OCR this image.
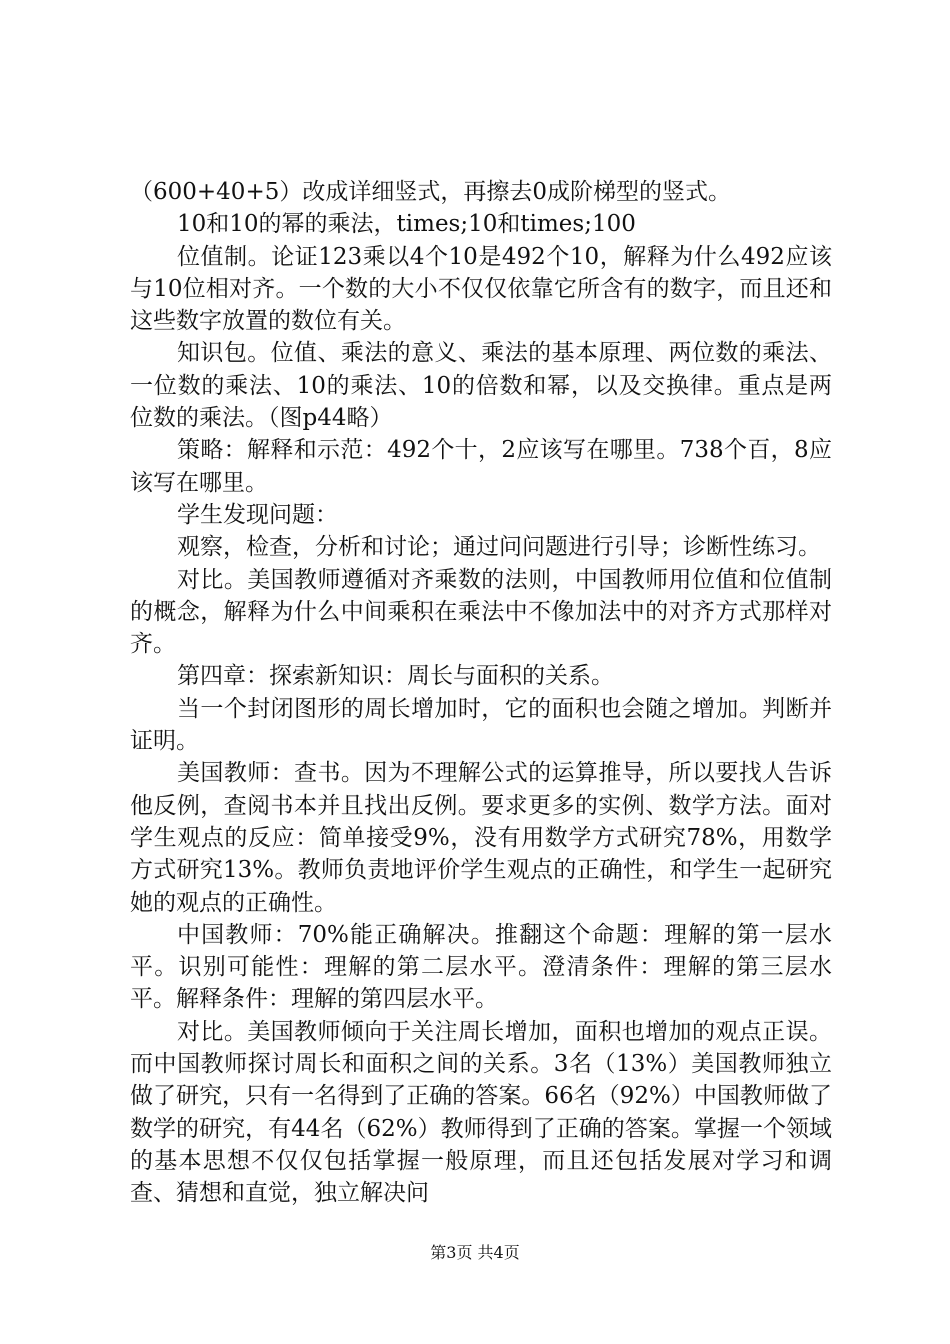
（600+40+5）改成详细竖式，再擦去0成阶梯型的竖式。

10和10的幂的乘法，times;10和times;100

位值制。论证123乘以4个10是492个10，解释为什么492应该与10位相对齐。一个数的大小不仅仅依靠它所含有的数字，而且还和这些数字放置的数位有关。

知识包。位值、乘法的意义、乘法的基本原理、两位数的乘法、一位数的乘法、10的乘法、10的倍数和幂，以及交换律。重点是两位数的乘法。（图p44略）

策略：解释和示范：492个十，2应该写在哪里。738个百，8应该写在哪里。

学生发现问题：

观察，检查，分析和讨论；通过问问题进行引导；诊断性练习。

对比。美国教师遵循对齐乘数的法则，中国教师用位值和位值制的概念，解释为什么中间乘积在乘法中不像加法中的对齐方式那样对齐。

第四章：探索新知识：周长与面积的关系。

当一个封闭图形的周长增加时，它的面积也会随之增加。判断并证明。

美国教师：查书。因为不理解公式的运算推导，所以要找人告诉他反例，查阅书本并且找出反例。要求更多的实例、数学方法。面对学生观点的反应：简单接受9%，没有用数学方式研究78%，用数学方式研究13%。教师负责地评价学生观点的正确性，和学生一起研究她的观点的正确性。

中国教师：70%能正确解决。推翻这个命题：理解的第一层水平。识别可能性：理解的第二层水平。澄清条件：理解的第三层水平。解释条件：理解的第四层水平。

对比。美国教师倾向于关注周长增加，面积也增加的观点正误。而中国教师探讨周长和面积之间的关系。3名（13%）美国教师独立做了研究，只有一名得到了正确的答案。66名（92%）中国教师做了数学的研究，有44名（62%）教师得到了正确的答案。掌握一个领域的基本思想不仅仅包括掌握一般原理，而且还包括发展对学习和调查、猜想和直觉，独立解决问

第3页 共4页
